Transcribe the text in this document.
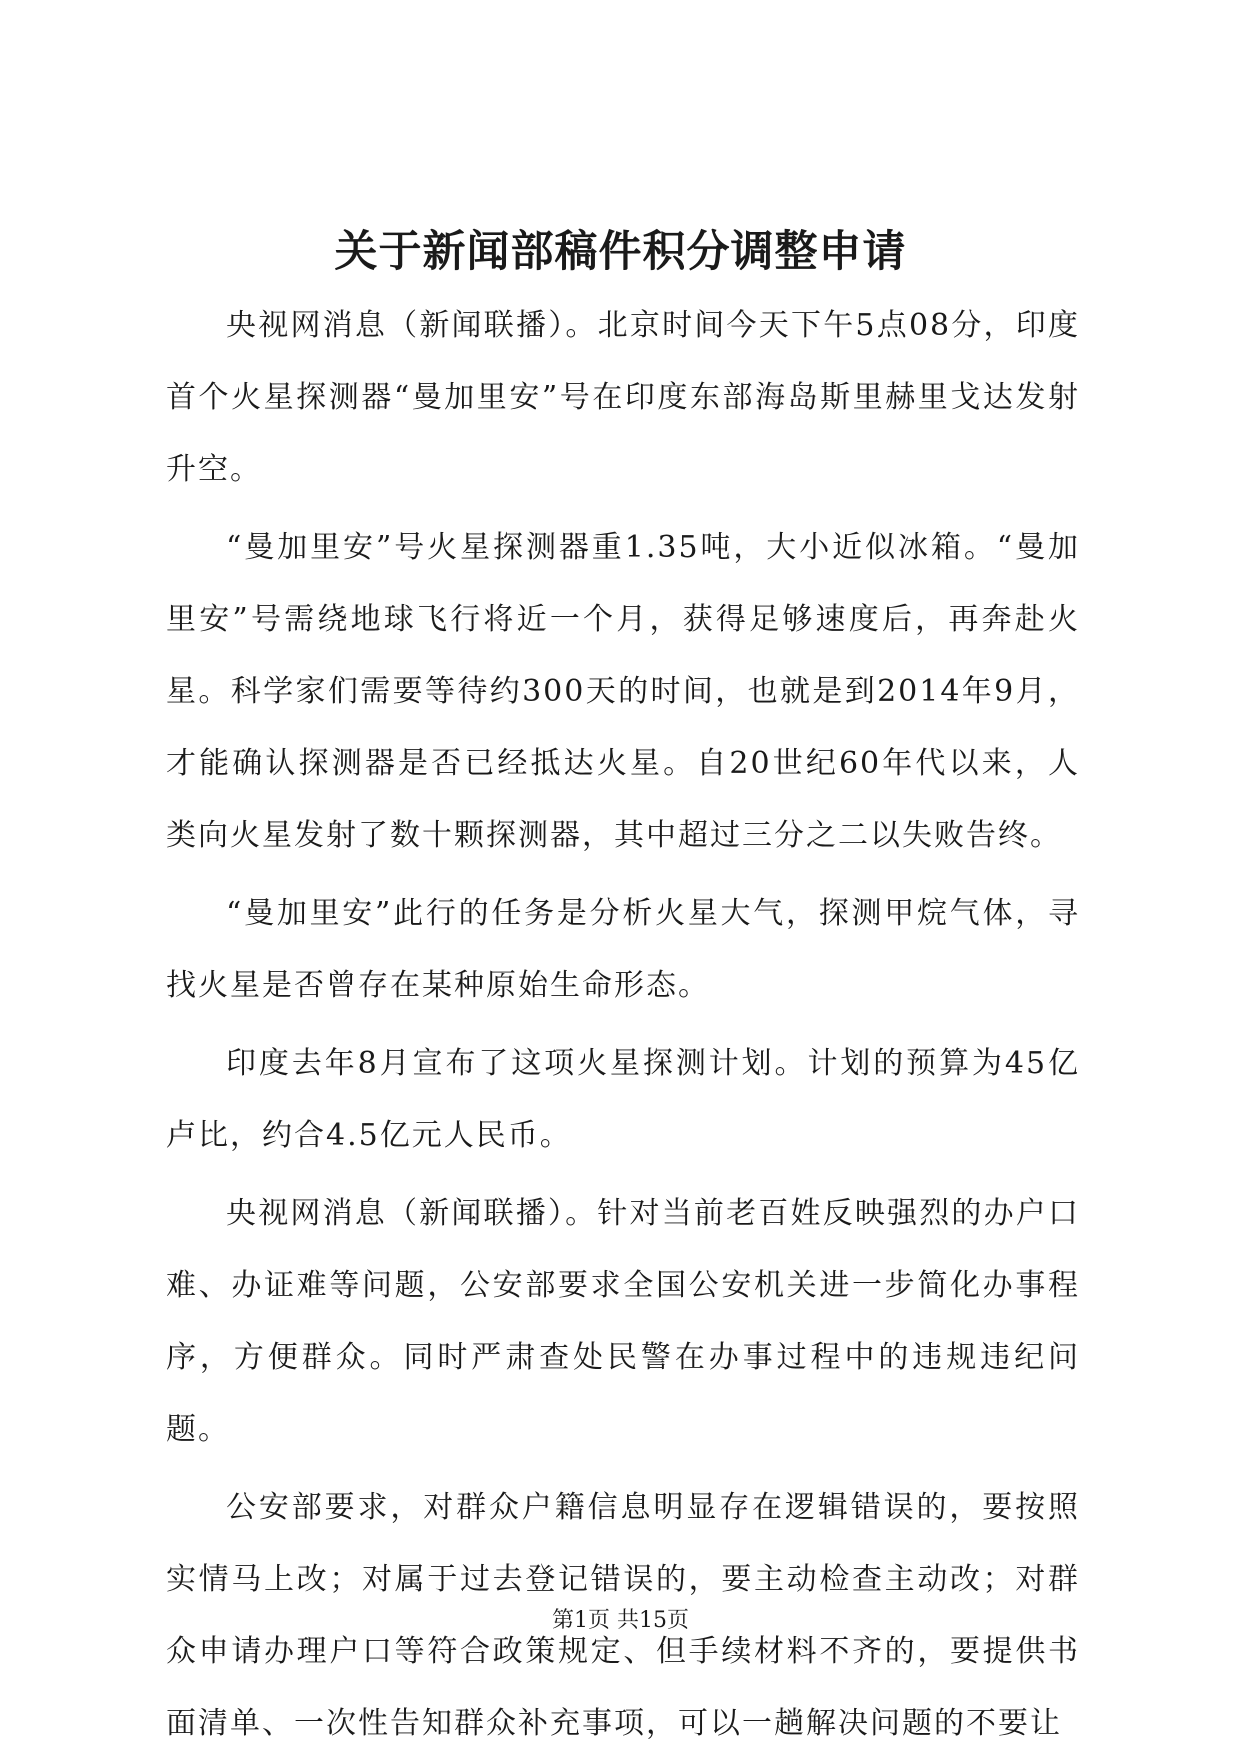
关于新闻部稿件积分调整申请

央视网消息（新闻联播）。北京时间今天下午5点08分，印度首个火星探测器“曼加里安”号在印度东部海岛斯里赫里戈达发射升空。

“曼加里安”号火星探测器重1.35吨，大小近似冰箱。“曼加里安”号需绕地球飞行将近一个月，获得足够速度后，再奔赴火星。科学家们需要等待约300天的时间，也就是到2014年9月，才能确认探测器是否已经抵达火星。自20世纪60年代以来，人类向火星发射了数十颗探测器，其中超过三分之二以失败告终。

“曼加里安”此行的任务是分析火星大气，探测甲烷气体，寻找火星是否曾存在某种原始生命形态。

印度去年8月宣布了这项火星探测计划。计划的预算为45亿卢比，约合4.5亿元人民币。

央视网消息（新闻联播）。针对当前老百姓反映强烈的办户口难、办证难等问题，公安部要求全国公安机关进一步简化办事程序，方便群众。同时严肃查处民警在办事过程中的违规违纪问题。

公安部要求，对群众户籍信息明显存在逻辑错误的，要按照实情马上改；对属于过去登记错误的，要主动检查主动改；对群众申请办理户口等符合政策规定、但手续材料不齐的，要提供书面清单、一次性告知群众补充事项，可以一趟解决问题的不要让

第1页 共15页
